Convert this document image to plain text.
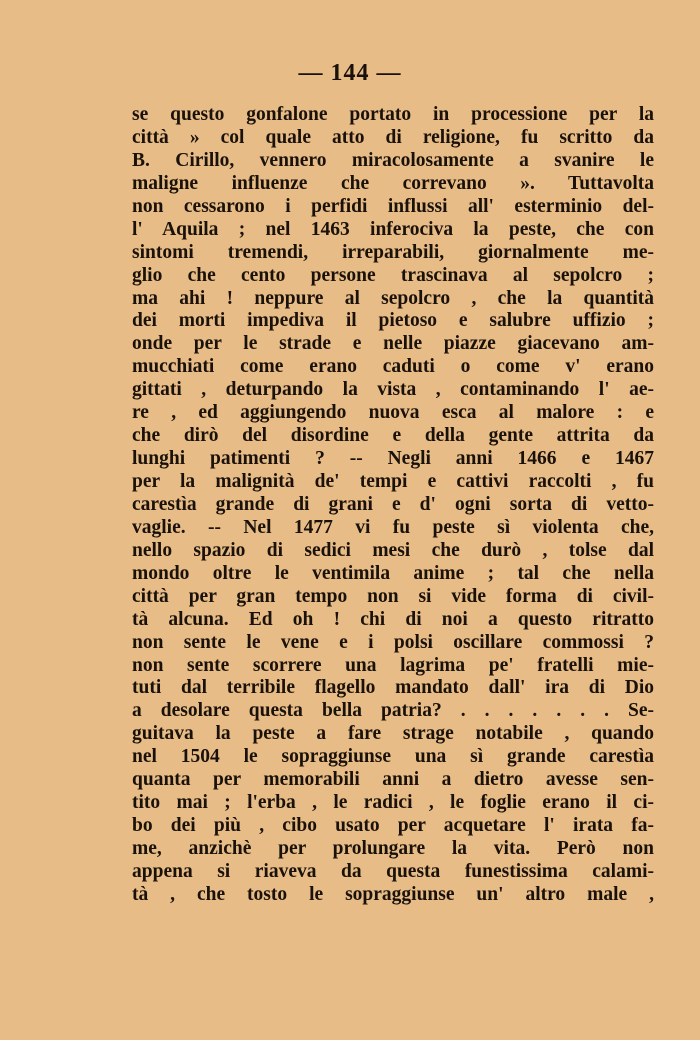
— 144 —
se questo gonfalone portato in processione per la
città » col quale atto di religione, fu scritto da
B. Cirillo, vennero miracolosamente a svanire le
maligne influenze che correvano ». Tuttavolta
non cessarono i perfidi influssi all' esterminio del-
l' Aquila ; nel 1463 inferociva la peste, che con
sintomi tremendi, irreparabili, giornalmente me-
glio che cento persone trascinava al sepolcro ;
ma ahi ! neppure al sepolcro , che la quantità
dei morti impediva il pietoso e salubre uffizio ;
onde per le strade e nelle piazze giacevano am-
mucchiati come erano caduti o come v' erano
gittati , deturpando la vista , contaminando l' ae-
re , ed aggiungendo nuova esca al malore : e
che dirò del disordine e della gente attrita da
lunghi patimenti ? -- Negli anni 1466 e 1467
per la malignità de' tempi e cattivi raccolti , fu
carestìa grande di grani e d' ogni sorta di vetto-
vaglie. -- Nel 1477 vi fu peste sì violenta che,
nello spazio di sedici mesi che durò , tolse dal
mondo oltre le ventimila anime ; tal che nella
città per gran tempo non si vide forma di civil-
tà alcuna. Ed oh ! chi di noi a questo ritratto
non sente le vene e i polsi oscillare commossi ?
non sente scorrere una lagrima pe' fratelli mie-
tuti dal terribile flagello mandato dall' ira di Dio
a desolare questa bella patria? . . . . . . . Se-
guitava la peste a fare strage notabile , quando
nel 1504 le sopraggiunse una sì grande carestìa
quanta per memorabili anni a dietro avesse sen-
tito mai ; l'erba , le radici , le foglie erano il ci-
bo dei più , cibo usato per acquetare l' irata fa-
me, anzichè per prolungare la vita. Però non
appena si riaveva da questa funestissima calami-
tà , che tosto le sopraggiunse un' altro male ,
